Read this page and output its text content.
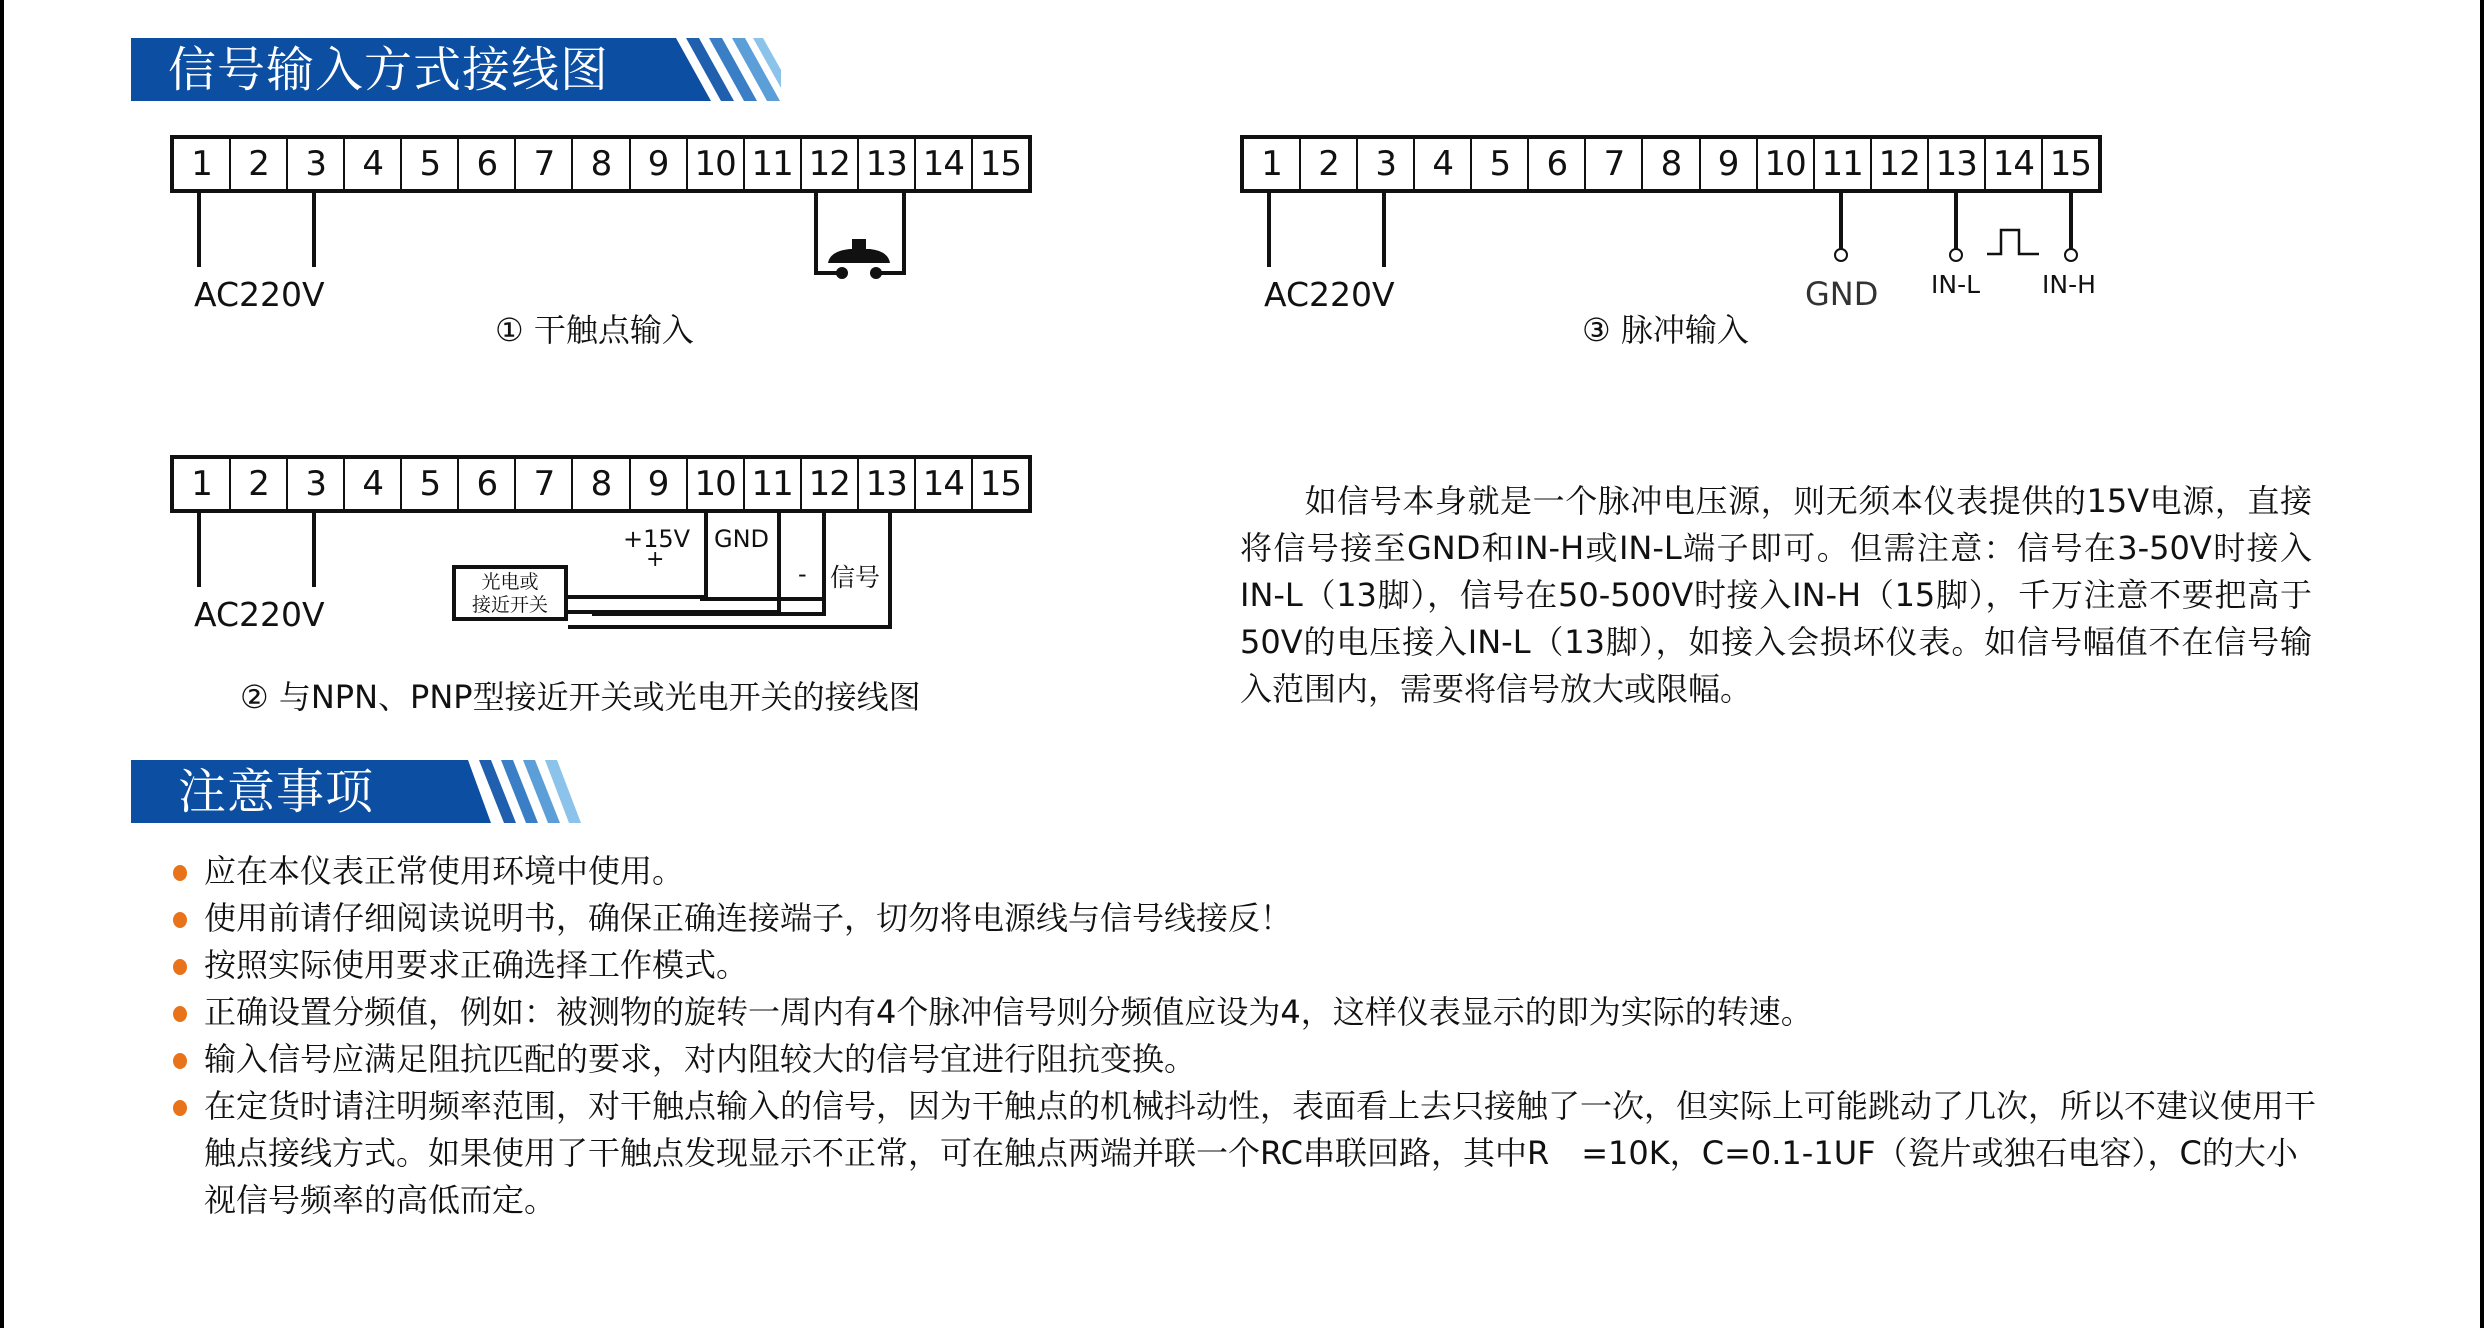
信号输入方式接线图
1	2	3	4	5	6	7	8	9 10 11 12 13 14 15
AC220V
① 干触点输入
1	2	3	4	5	6	7	8	9 10 11 12 13 14 15
AC220V	GND IN-L IN-H
③ 脉冲输入
1	2	3	4	5	6	7	8	9 10 11 12 13 14 15
AC220V
光电或
接近开关
+15V
+
GND
- 信号
② 与NPN、PNP型接近开关或光电开关的接线图
如信号本身就是一个脉冲电压源，则无须本仪表提供的15V电源，直接将信号接至GND和IN-H或IN-L端子即可。但需注意：信号在3-50V时接入IN-L（13脚），信号在50-500V时接入IN-H（15脚），千万注意不要把高于50V的电压接入IN-L（13脚），如接入会损坏仪表。如信号幅值不在信号输入范围内，需要将信号放大或限幅。
注意事项
应在本仪表正常使用环境中使用。
使用前请仔细阅读说明书，确保正确连接端子，切勿将电源线与信号线接反！
按照实际使用要求正确选择工作模式。
正确设置分频值，例如：被测物的旋转一周内有4个脉冲信号则分频值应设为4，这样仪表显示的即为实际的转速。
输入信号应满足阻抗匹配的要求，对内阻较大的信号宜进行阻抗变换。
在定货时请注明频率范围，对干触点输入的信号，因为干触点的机械抖动性，表面看上去只接触了一次，但实际上可能跳动了几次，所以不建议使用干触点接线方式。如果使用了干触点发现显示不正常，可在触点两端并联一个RC串联回路，其中R　=10K，C=0.1-1UF（瓷片或独石电容），C的大小视信号频率的高低而定。
